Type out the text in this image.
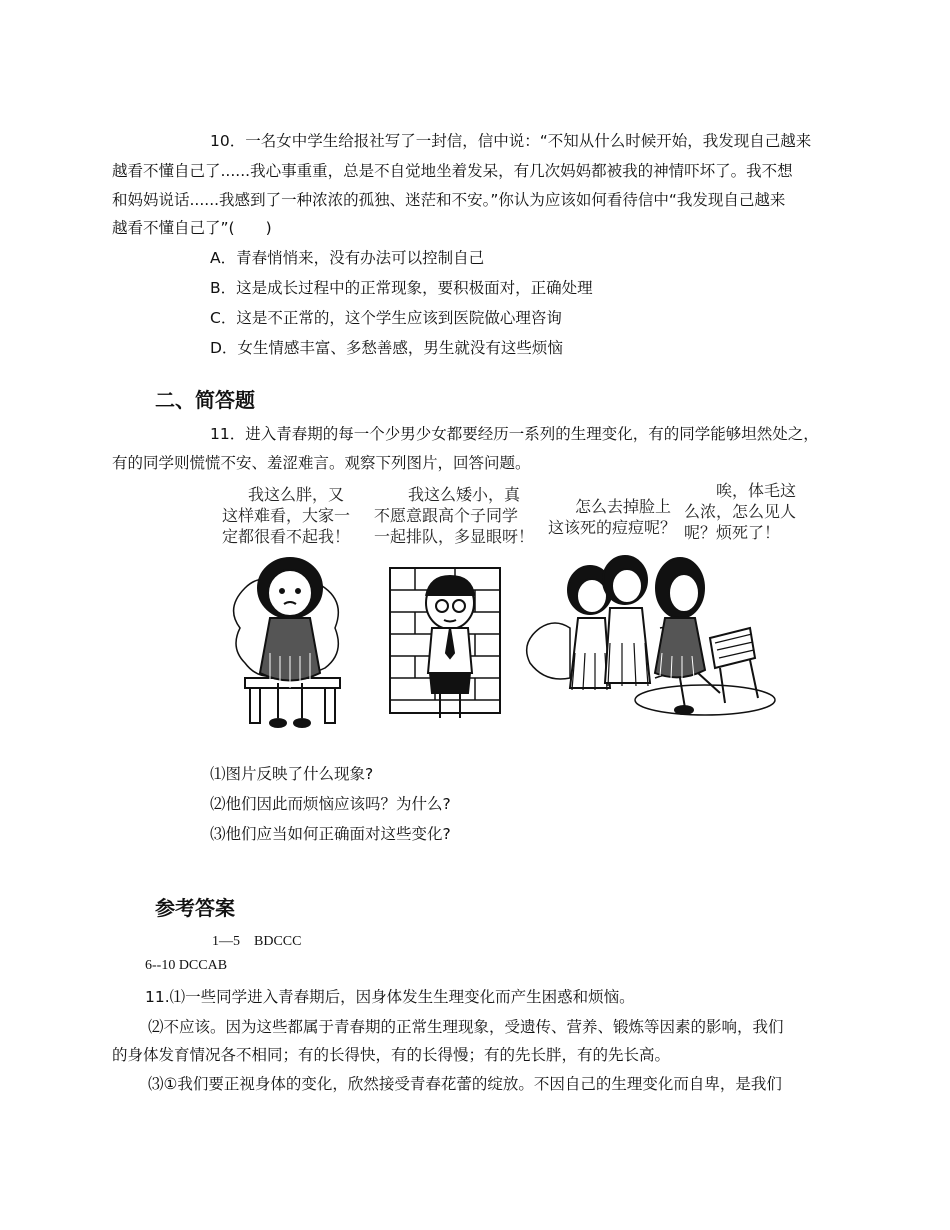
10．一名女中学生给报社写了一封信，信中说：“不知从什么时候开始，我发现自己越来
越看不懂自己了......我心事重重，总是不自觉地坐着发呆，有几次妈妈都被我的神情吓坏了。我不想
和妈妈说话......我感到了一种浓浓的孤独、迷茫和不安。”你认为应该如何看待信中“我发现自己越来
越看不懂自己了”(　　)
A．青春悄悄来，没有办法可以控制自己
B．这是成长过程中的正常现象，要积极面对，正确处理
C．这是不正常的，这个学生应该到医院做心理咨询
D．女生情感丰富、多愁善感，男生就没有这些烦恼
二、简答题
11．进入青春期的每一个少男少女都要经历一系列的生理变化，有的同学能够坦然处之，
有的同学则慌慌不安、羞涩难言。观察下列图片，回答问题。
我这么胖，又
这样难看，大家一
定都很看不起我！
我这么矮小，真
不愿意跟高个子同学
一起排队，多显眼呀！
怎么去掉脸上
这该死的痘痘呢？
唉，体毛这
么浓，怎么见人
呢？烦死了！
⑴图片反映了什么现象?
⑵他们因此而烦恼应该吗？为什么?
⑶他们应当如何正确面对这些变化?
参考答案
1—5　BDCCC
6--10 DCCAB
11.⑴一些同学进入青春期后，因身体发生生理变化而产生困惑和烦恼。
⑵不应该。因为这些都属于青春期的正常生理现象，受遗传、营养、锻炼等因素的影响，我们
的身体发育情况各不相同；有的长得快，有的长得慢；有的先长胖，有的先长高。
⑶①我们要正视身体的变化，欣然接受青春花蕾的绽放。不因自己的生理变化而自卑，是我们
